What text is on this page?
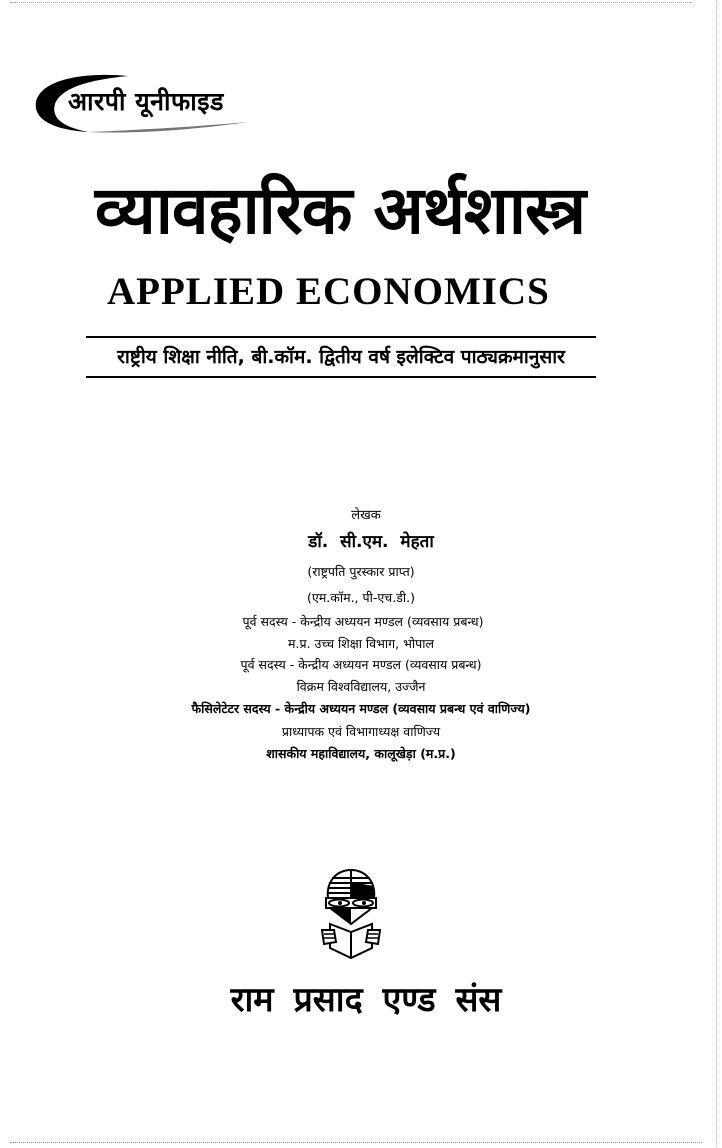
आरपी यूनीफाइड
व्यावहारिक अर्थशास्त्र
APPLIED ECONOMICS
राष्ट्रीय शिक्षा नीति, बी.कॉम. द्वितीय वर्ष इलेक्टिव पाठ्यक्रमानुसार
लेखक
डॉ. सी.एम. मेहता
(राष्ट्रपति पुरस्कार प्राप्त)
(एम.कॉम., पी-एच.डी.)
पूर्व सदस्य - केन्द्रीय अध्ययन मण्डल (व्यवसाय प्रबन्ध)
म.प्र. उच्च शिक्षा विभाग, भोपाल
पूर्व सदस्य - केन्द्रीय अध्ययन मण्डल (व्यवसाय प्रबन्ध)
विक्रम विश्वविद्यालय, उज्जैन
फैसिलेटेटर सदस्य - केन्द्रीय अध्ययन मण्डल (व्यवसाय प्रबन्ध एवं वाणिज्य)
प्राध्यापक एवं विभागाध्यक्ष वाणिज्य
शासकीय महाविद्यालय, कालूखेड़ा (म.प्र.)
राम प्रसाद एण्ड संस
